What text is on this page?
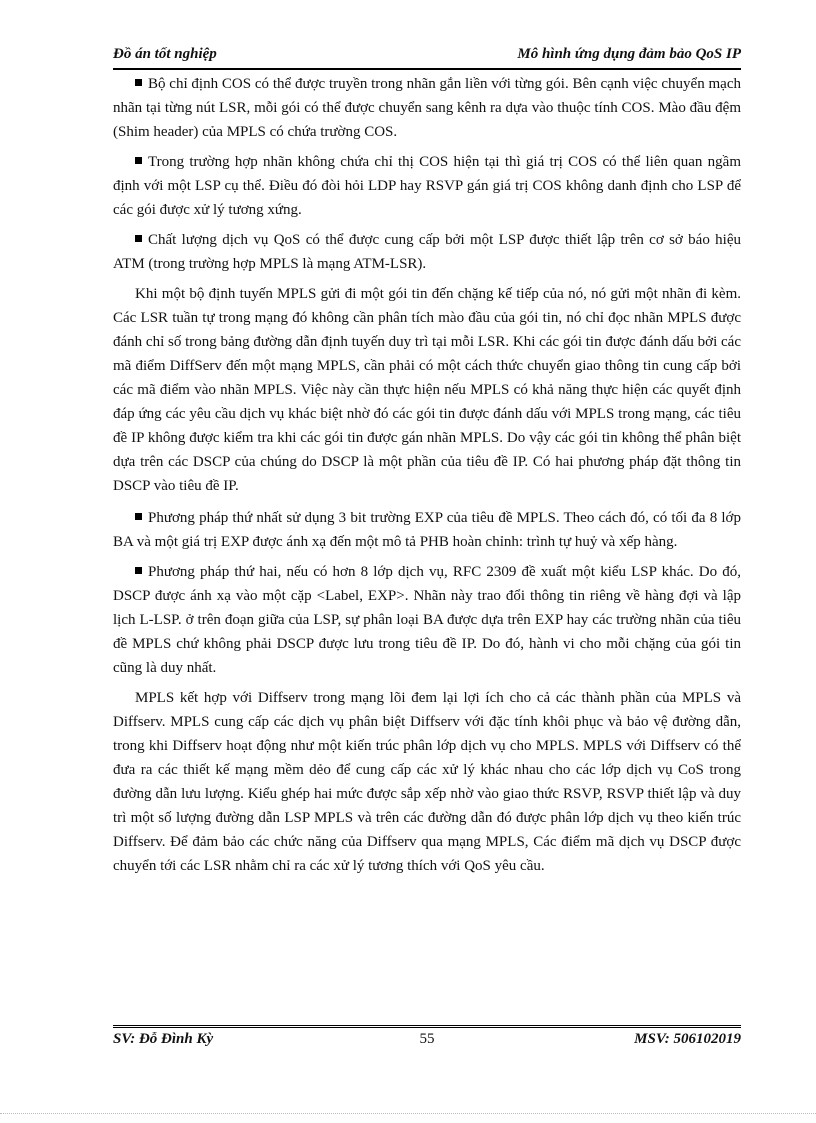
Đồ án tốt nghiệp	Mô hình ứng dụng đảm bảo QoS IP

Bộ chỉ định COS có thể được truyền trong nhãn gắn liền với từng gói. Bên cạnh việc chuyển mạch nhãn tại từng nút LSR, mỗi gói có thể được chuyển sang kênh ra dựa vào thuộc tính COS. Mào đầu đệm (Shim header) của MPLS có chứa trường COS.

Trong trường hợp nhãn không chứa chỉ thị COS hiện tại thì giá trị COS có thể liên quan ngầm định với một LSP cụ thể. Điều đó đòi hỏi LDP hay RSVP gán giá trị COS không danh định cho LSP để các gói được xử lý tương xứng.

Chất lượng dịch vụ QoS có thể được cung cấp bởi một LSP được thiết lập trên cơ sở báo hiệu ATM (trong trường hợp MPLS là mạng ATM-LSR).

Khi một bộ định tuyến MPLS gửi đi một gói tin đến chặng kế tiếp của nó, nó gửi một nhãn đi kèm. Các LSR tuần tự trong mạng đó không cần phân tích mào đầu của gói tin, nó chỉ đọc nhãn MPLS được đánh chỉ số trong bảng đường dẫn định tuyến duy trì tại mỗi LSR. Khi các gói tin được đánh dấu bởi các mã điểm DiffServ đến một mạng MPLS, cần phải có một cách thức chuyển giao thông tin cung cấp bởi các mã điểm vào nhãn MPLS. Việc này cần thực hiện nếu MPLS có khả năng thực hiện các quyết định đáp ứng các yêu cầu dịch vụ khác biệt nhờ đó các gói tin được đánh dấu với MPLS trong mạng, các tiêu đề IP không được kiểm tra khi các gói tin được gán nhãn MPLS. Do vậy các gói tin không thể phân biệt dựa trên các DSCP của chúng do DSCP là một phần của tiêu đề IP. Có hai phương pháp đặt thông tin DSCP vào tiêu đề IP.

Phương pháp thứ nhất sử dụng 3 bit trường EXP của tiêu đề MPLS. Theo cách đó, có tối đa 8 lớp BA và một giá trị EXP được ánh xạ đến một mô tả PHB hoàn chỉnh: trình tự huỷ và xếp hàng.

Phương pháp thứ hai, nếu có hơn 8 lớp dịch vụ, RFC 2309 đề xuất một kiểu LSP khác. Do đó, DSCP được ánh xạ vào một cặp <Label, EXP>. Nhãn này trao đổi thông tin riêng về hàng đợi và lập lịch L-LSP. ở trên đoạn giữa của LSP, sự phân loại BA được dựa trên EXP hay các trường nhãn của tiêu đề MPLS chứ không phải DSCP được lưu trong tiêu đề IP. Do đó, hành vi cho mỗi chặng của gói tin cũng là duy nhất.

MPLS kết hợp với Diffserv trong mạng lõi đem lại lợi ích cho cả các thành phần của MPLS và Diffserv. MPLS cung cấp các dịch vụ phân biệt Diffserv với đặc tính khôi phục và bảo vệ đường dẫn, trong khi Diffserv hoạt động như một kiến trúc phân lớp dịch vụ cho MPLS. MPLS với Diffserv có thể đưa ra các thiết kế mạng mềm dẻo để cung cấp các xử lý khác nhau cho các lớp dịch vụ CoS trong đường dẫn lưu lượng. Kiểu ghép hai mức được sắp xếp nhờ vào giao thức RSVP, RSVP thiết lập và duy trì một số lượng đường dẫn LSP MPLS và trên các đường dẫn đó được phân lớp dịch vụ theo kiến trúc Diffserv. Để đảm bảo các chức năng của Diffserv qua mạng MPLS, Các điểm mã dịch vụ DSCP được chuyển tới các LSR nhằm chỉ ra các xử lý tương thích với QoS yêu cầu.

SV: Đỗ Đình Kỳ	55	MSV: 506102019
